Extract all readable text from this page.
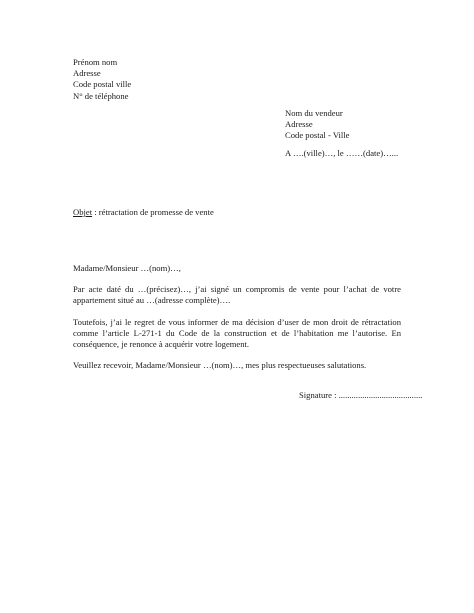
Prénom nom
Adresse
Code postal ville
N° de téléphone
Nom du vendeur
Adresse
Code postal - Ville
A ….(ville)…, le ……(date)…...
Objet : rétractation de promesse de vente

Madame/Monsieur …(nom)…,

Par acte daté du …(précisez)…, j’ai signé un compromis de vente pour l’achat de votre appartement situé au …(adresse complète)….

Toutefois, j’ai le regret de vous informer de ma décision d’user de mon droit de rétractation comme l’article L-271-1 du Code de la construction et de l’habitation me l’autorise. En conséquence, je renonce à acquérir votre logement.

Veuillez recevoir, Madame/Monsieur …(nom)…, mes plus respectueuses salutations.

Signature : .......................................
